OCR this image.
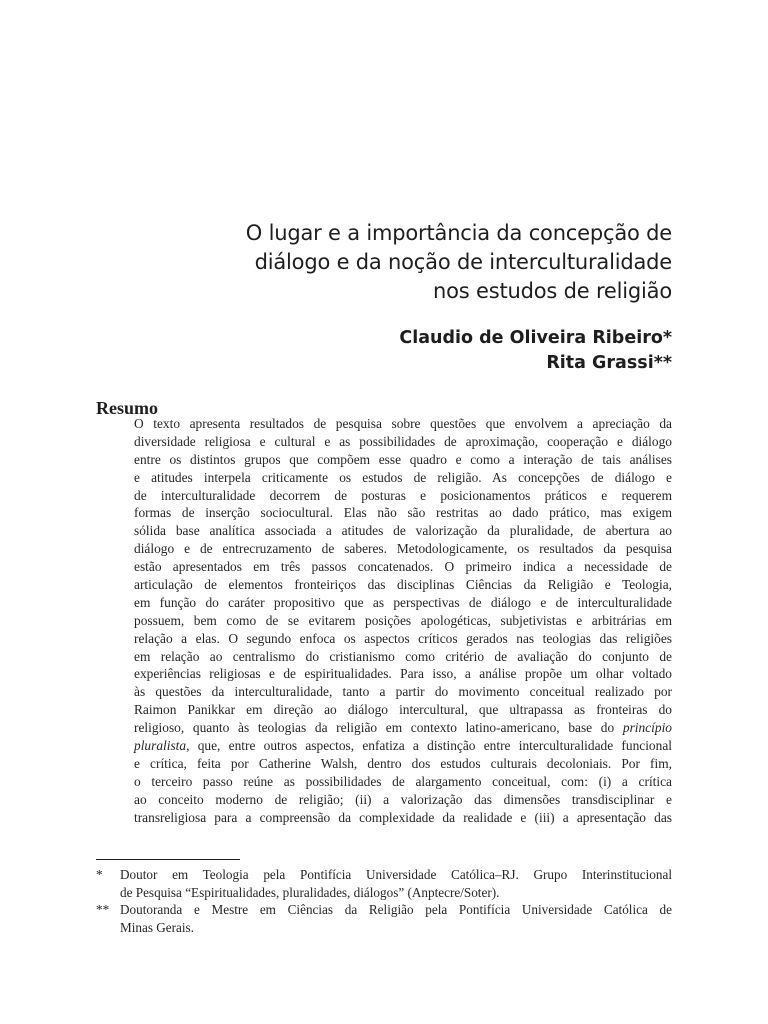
O lugar e a importância da concepção de
diálogo e da noção de interculturalidade
nos estudos de religião
Claudio de Oliveira Ribeiro*
Rita Grassi**
Resumo
O texto apresenta resultados de pesquisa sobre questões que envolvem a apreciação da
diversidade religiosa e cultural e as possibilidades de aproximação, cooperação e diálogo
entre os distintos grupos que compõem esse quadro e como a interação de tais análises
e atitudes interpela criticamente os estudos de religião. As concepções de diálogo e
de interculturalidade decorrem de posturas e posicionamentos práticos e requerem
formas de inserção sociocultural. Elas não são restritas ao dado prático, mas exigem
sólida base analítica associada a atitudes de valorização da pluralidade, de abertura ao
diálogo e de entrecruzamento de saberes. Metodologicamente, os resultados da pesquisa
estão apresentados em três passos concatenados. O primeiro indica a necessidade de
articulação de elementos fronteiriços das disciplinas Ciências da Religião e Teologia,
em função do caráter propositivo que as perspectivas de diálogo e de interculturalidade
possuem, bem como de se evitarem posições apologéticas, subjetivistas e arbitrárias em
relação a elas. O segundo enfoca os aspectos críticos gerados nas teologias das religiões
em relação ao centralismo do cristianismo como critério de avaliação do conjunto de
experiências religiosas e de espiritualidades. Para isso, a análise propõe um olhar voltado
às questões da interculturalidade, tanto a partir do movimento conceitual realizado por
Raimon Panikkar em direção ao diálogo intercultural, que ultrapassa as fronteiras do
religioso, quanto às teologias da religião em contexto latino-americano, base do princípio
pluralista, que, entre outros aspectos, enfatiza a distinção entre interculturalidade funcional
e crítica, feita por Catherine Walsh, dentro dos estudos culturais decoloniais. Por fim,
o terceiro passo reúne as possibilidades de alargamento conceitual, com: (i) a crítica
ao conceito moderno de religião; (ii) a valorização das dimensões transdisciplinar e
transreligiosa para a compreensão da complexidade da realidade e (iii) a apresentação das
* Doutor em Teologia pela Pontifícia Universidade Católica–RJ. Grupo Interinstitucional
de Pesquisa “Espiritualidades, pluralidades, diálogos” (Anptecre/Soter).
** Doutoranda e Mestre em Ciências da Religião pela Pontifícia Universidade Católica de
Minas Gerais.
